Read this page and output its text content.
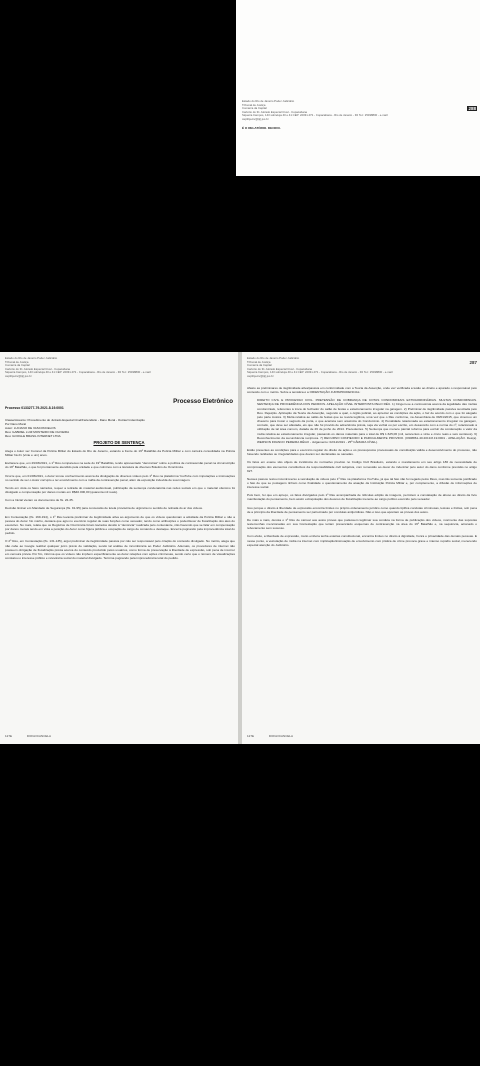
Estado do Rio de Janeiro Poder Judiciário
Tribunal de Justiça
Comarca da Capital
Cartório do 31 Juizado Especial Cível - Copacabana
Siqueira Campos, 143 sobreloja 40 e 41 CEP: 22031-071 - Copacabana - Rio de Janeiro - RJ Tel.: 25498800 - e-mail:
cap31jeciv@tjrj.jus.br
288
É O RELATÓRIO. DECIDO.
Estado do Rio de Janeiro Poder Judiciário
Tribunal de Justiça
Comarca da Capital
Cartório do 31 Juizado Especial Cível - Copacabana
Siqueira Campos, 143 sobreloja 40 e 41 CEP: 22031-071 - Copacabana - Rio de Janeiro - RJ Tel.: 25498800 - e-mail:
cap31jeciv@tjrj.jus.br
Processo Eletrônico
Processo 0133277-79.2021.8.19.0001
Classe/Assunto: Procedimento do Juizado Especial Cível/Fazendário - Dano Moral - Outras/ Indenização
Por Dano Moral
Autor: LUCIANO DE VASCONCELOS
Réu: GABRIEL LUIZ MONTEIRO DE OLIVEIRA
Réu: GOOGLE BRASIL INTERNET LTDA
PROJETO DE SENTENÇA

Alega o Autor ser Coronel da Polícia Militar do Estado do Rio de Janeiro, estando a frente do 19º Batalhão da Polícia Militar e com carreira consolidada na Polícia Militar há 21 (vinte e um) anos.

Esclarece que, em 29/03/2021, o 1º Réu compareceu na sede do 19º Batalhão, tendo apresentado "denúncias" sobre a política de contraversão penal na circunscrição do 19º Batalhão, o que foi prontamente atendido pela unidade e que culminou com a lavratura de diversos Boletins de Ocorrência.

Ocorre que, em 01/06/2021, o Autor tomou conhecimento acerca da divulgação de diversos vídeos pelo 1º Réu na plataforma YouTube com imputações e insinuações no sentido de ser o Autor corrupto e ter envolvimento com a máfia da contravenção penal, além da exposição indevida de sua imagem.

Tendo em vista os fatos narrados, requer a retirada do material audiovisual, publicação da sentença condenatória nas redes sociais em que o material ofensivo foi divulgado e compensação por danos morais em R$40.000,00 (quarenta mil reais).

Com a Inicial vieram os documentos de fls. 22-35.

Decisão liminar em Mandado de Segurança (fls. 91-95) para concessão de tutela provisória de urgência no sentido de retirada do ar dos vídeos.

Em Contestação (fls. 169-194), o 1º Réu levanta preliminar de ilegitimidade ativa ao argumento de que os vídeos questionam a atividade da Polícia Militar e não a pessoa do Autor. No mérito, destaca que agiu no exercício regular de suas funções como vereador, tendo como atribuições o poder/dever de fiscalização dos atos do executivo. No mais, relata que os Registros de Ocorrência foram lavrados devido à "denúncia" realizada pelo contestante, não havendo que se falar em compensação por danos morais tendo em vista a posição do Autor como figura pública e ocupação de cargo de comando e destaque. Encerra pugnando pela improcedência total do pedido.

O 2º Réu, em Contestação (fls. 131-135), argui preliminar de ilegitimidade passiva por não ser responsável pelo criação do conteúdo divulgado. No mérito, alega que não cabe ao Google realizar qualquer juízo prévio de validação, sendo tal análise de incumbência ao Poder Judiciário. Ademais, os provedores de internet não possuem obrigação de fiscalização prévia acerca do conteúdo produzido pelos usuários, como forma de preservação à liberdade de expressão, sob pena de incorrer em censura prévia. Por fim, informa que os vídeos não impõem especificamente ao Autor relações com ações criminosas, sendo certo que o número de visualizações constatou o interesse público e relevância social do material divulgado. Termina pugnando pela improcedência total do pedido.

127E	DIOGOCANCELA
Estado do Rio de Janeiro Poder Judiciário
Tribunal de Justiça
Comarca da Capital
Cartório do 31 Juizado Especial Cível - Copacabana
Siqueira Campos, 143 sobreloja 40 e 41 CEP: 22031-071 - Copacabana - Rio de Janeiro - RJ Tel.: 25498800 - e-mail:
cap31jeciv@tjrj.jus.br
287

Afasto as preliminares de ilegitimidade ativa/passiva em conformidade com a Teoria da Asserção, onde vez verificada a lesão ao direito e apurado o responsável pelo conteúdo com o mérito. Sobre a temática é a ORIENTAÇÃO JURISPRUDENCIAL:

DIREITO CIVIL E PROCESSO CIVIL. PRETENSÃO DE COBRANÇA DE COTAS CONDOMINIAIS EXTRAORDINÁRIAS. MULTAS CONDOMINIAIS. SENTENÇA DE PROCEDÊNCIA DOS PEDIDOS. APELAÇÃO CÍVEL INTERPOSTA PELO RÉU. 1) Cingem-se a controvérsia acerca da legalidade das multas condominiais, referentes à troca do fechador do salão de festas e estacionamento irregular na garagem. 2) Preliminar de ilegitimidade passiva suscitada pelo Réu. Rejeição. Aplicação da Teoria da Asserção, segundo a qual, o órgão judicial, ao apreciar as condições da ação, o faz de acordo com o que foi alegado pelo parte Autora. 3) Multa relativa ao salão de festas que se revela legítima, uma vez que o Réu conforme, na Assembleia de 09/01/2015, que cinemou um chaveiro para trocar o segredo da porta, o que acarreta sem anuência do Condomínio. 4) Penalidade relacionada ao estacionamento irregular na garagem, contudo, que deve ser afastada, eis que não foi provido de advertência prévia, seja via verbal ou por escrito, em desacordo com a norma do nº, relacionado à utilização de tal área comum, datada de 26 de junho de 2014. Precedentes. 5) Sentença que merece parcial reforma para excluir da condenação o valor da multa relativa ao estacionamento irregular, passando os danos materiais para o total de R$ 1.625,06 (mil, seiscentos e vinte e cinco reais e seis centavos). 6) Reconhecimento da sucumbência recíproca. 7) RECURSO CONHECIDO E PARCIALMENTE PROVIDO. (0308861-40.2019.8.19.0001 - APELAÇÃO. Des(a). WERSON FRANCO PEREIRA RÊGO - Julgamento: 02/12/2021 - 25ª CÂMARA CÍVEL).

Estão presentes as condições para o exercício regular do direito de ação e os pressupostos processuais de constituição válida e desenvolvimento do processo, não havendo nulidades ou irregularidades que devam ser declaradas ou sanadas.

Os fatos em exame são objeto de incidência do normativo previsto no Código Civil Brasileiro, estando o mandamento em seu artigo 186 de necessidade de comprovação dos elementos constitutivos da responsabilidade civil subjetiva, com remessão ao dever de indenizar pelo autor do dano conforme previsão no artigo 927.

Nesses passos restou incontroverso a veiculação de vídeos pelo 1º Réu na plataforma YouTube, já que tal fato não foi negado pelos Réus, mas tão somente justificado o fato de que se postagens tinham como finalidade o questionamento da atuação da Instituição Polícia Militar e, por complemento, a difusão de informações de interesse social.

Pois bem, fei que em apreço, os fatos divulgados pelo 1º Réu acompanhada de ridículas edição de imagens, permitem a constatação de abuso ao direito da livre manifestação do pensamento, bem assim extrapolação dos deveres de fiscalização inerente ao cargo político exercido pelo vereador.

Isso porque o direito à liberdade de expressão encontra limites no próprio ordenamento jurídico como quando tipifica condutas criminosas, lesivas e ilícitas, sob pena de a princípio da liberdade de pensamento ser patrocinado por condutas antijurídicas. Não é isso que apontam as provas dos autos.

De mais a mais, denota o 1º Réu de carrear aos autos provas que pudessem legitimar sua conduta na forma de publicação dos vídeos, mormente das supostas testemunhas mencionadas em sua Contestação que teriam presenciado esquemas de contravenção na área do 19º Batalhão e, na sequência, acionado o rebocamento sem sucesso.

Com efeito, a liberdade de expressão, muito embora tenha esteiras constitucional, encontra limites no direito à dignidade, honra e privacidade das demais pessoas. E nesse ponto, a veiculação de mídia na internet com implicação/insinuação de envolvimento com prática de crime provoca grave e intenso repúdio social, merecendo especial atenção do Judiciário.

127E	DIOGOCANCELA
